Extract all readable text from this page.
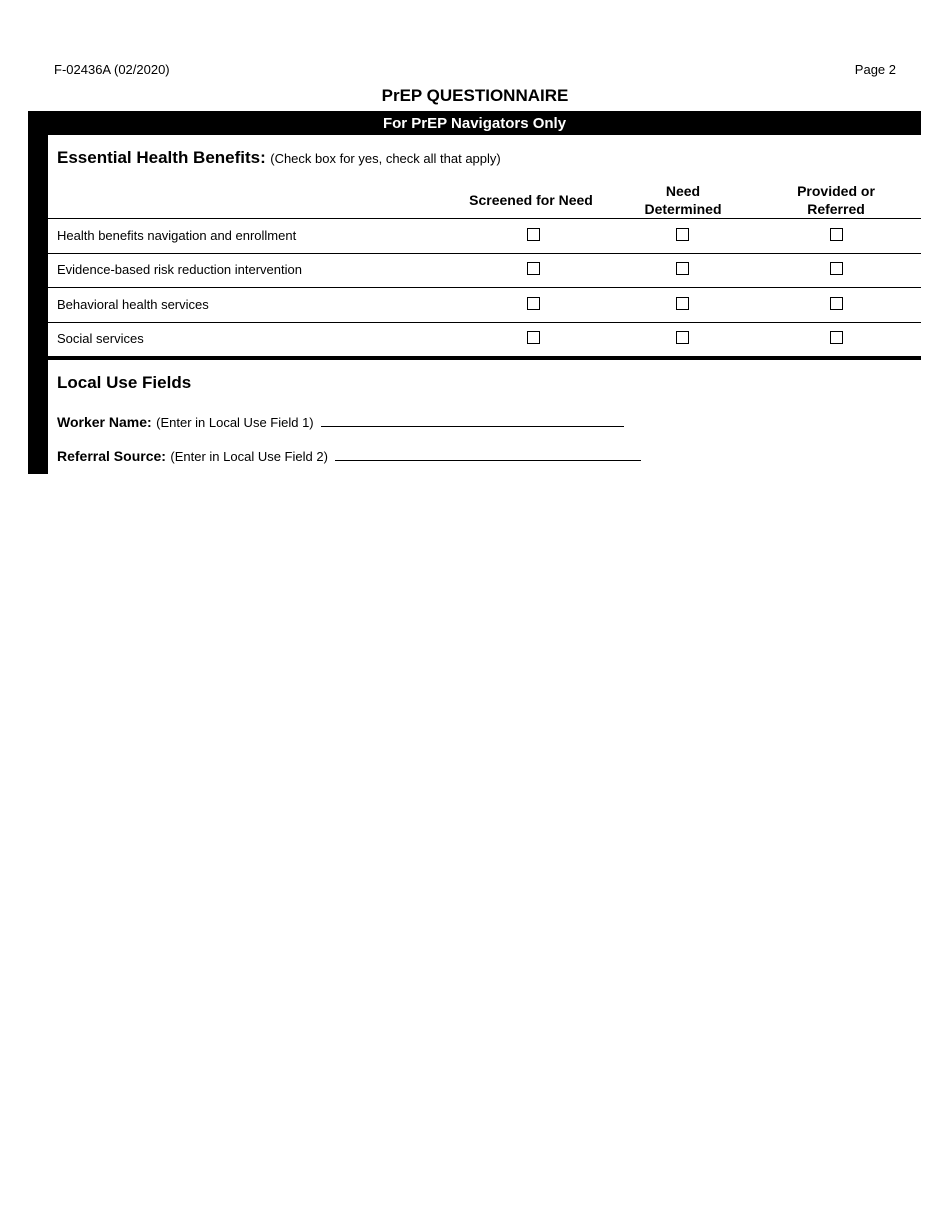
F-02436A (02/2020)	Page 2
PrEP QUESTIONNAIRE
For PrEP Navigators Only
Essential Health Benefits: (Check box for yes, check all that apply)
Screened for Need
Need
Determined
Provided or
Referred
Health benefits navigation and enrollment
Evidence-based risk reduction intervention
Behavioral health services
Social services
Local Use Fields
Worker Name: (Enter in Local Use Field 1)
Referral Source: (Enter in Local Use Field 2)
